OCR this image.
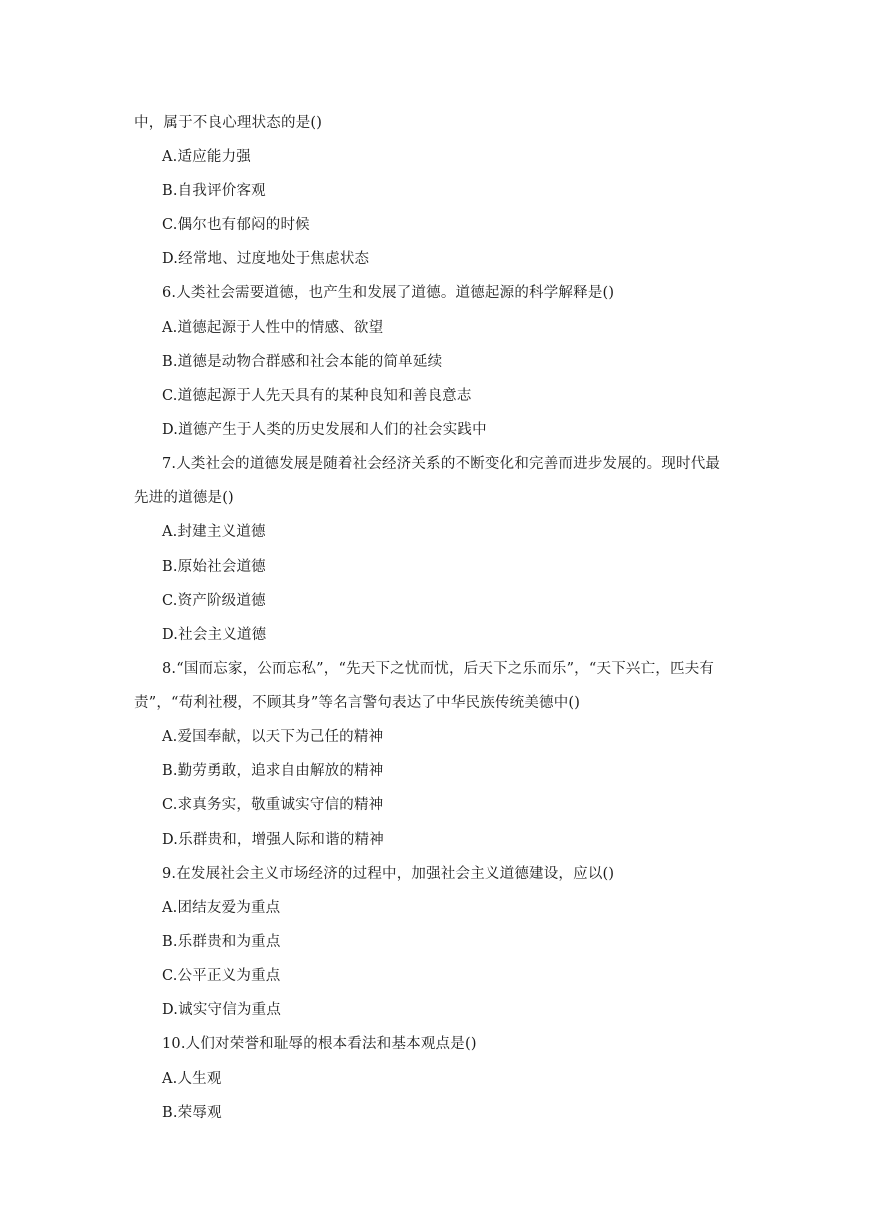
中，属于不良心理状态的是()
A.适应能力强
B.自我评价客观
C.偶尔也有郁闷的时候
D.经常地、过度地处于焦虑状态
6.人类社会需要道德，也产生和发展了道德。道德起源的科学解释是()
A.道德起源于人性中的情感、欲望
B.道德是动物合群感和社会本能的简单延续
C.道德起源于人先天具有的某种良知和善良意志
D.道德产生于人类的历史发展和人们的社会实践中
7.人类社会的道德发展是随着社会经济关系的不断变化和完善而进步发展的。现时代最
先进的道德是()
A.封建主义道德
B.原始社会道德
C.资产阶级道德
D.社会主义道德
8.“国而忘家，公而忘私”，“先天下之忧而忧，后天下之乐而乐”，“天下兴亡，匹夫有
责”，“苟利社稷，不顾其身”等名言警句表达了中华民族传统美德中()
A.爱国奉献，以天下为己任的精神
B.勤劳勇敢，追求自由解放的精神
C.求真务实，敬重诚实守信的精神
D.乐群贵和，增强人际和谐的精神
9.在发展社会主义市场经济的过程中，加强社会主义道德建设，应以()
A.团结友爱为重点
B.乐群贵和为重点
C.公平正义为重点
D.诚实守信为重点
10.人们对荣誉和耻辱的根本看法和基本观点是()
A.人生观
B.荣辱观
